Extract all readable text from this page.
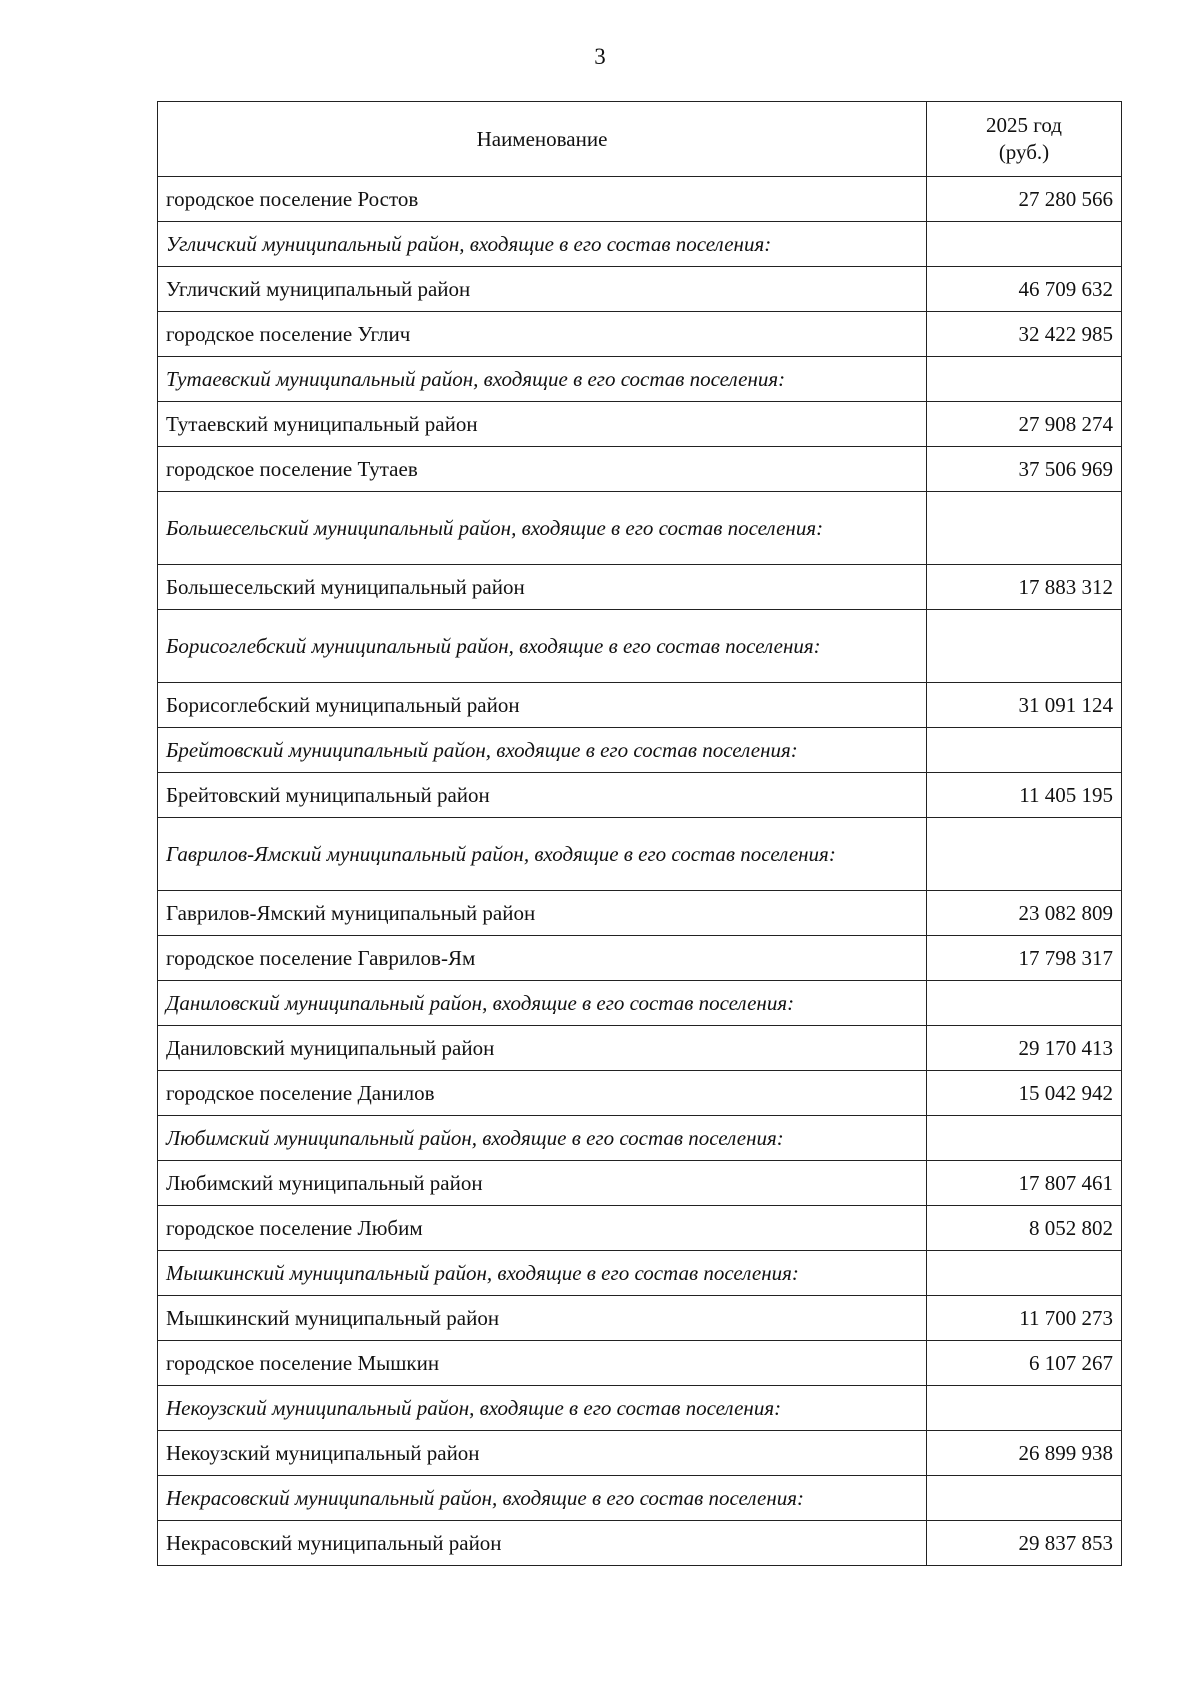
3
Наименование	2025 год
(руб.)
городское поселение Ростов	27 280 566
Угличский муниципальный район, входящие в его состав поселения:	
Угличский муниципальный район	46 709 632
городское поселение Углич	32 422 985
Тутаевский муниципальный район, входящие в его состав поселения:	
Тутаевский муниципальный район	27 908 274
городское поселение Тутаев	37 506 969
Большесельский муниципальный район, входящие в его состав поселения:	
Большесельский муниципальный район	17 883 312
Борисоглебский муниципальный район, входящие в его состав поселения:	
Борисоглебский муниципальный район	31 091 124
Брейтовский муниципальный район, входящие в его состав поселения:	
Брейтовский муниципальный район	11 405 195
Гаврилов-Ямский муниципальный район, входящие в его состав поселения:	
Гаврилов-Ямский муниципальный район	23 082 809
городское поселение Гаврилов-Ям	17 798 317
Даниловский муниципальный район, входящие в его состав поселения:	
Даниловский муниципальный район	29 170 413
городское поселение Данилов	15 042 942
Любимский муниципальный район, входящие в его состав поселения:	
Любимский муниципальный район	17 807 461
городское поселение Любим	8 052 802
Мышкинский муниципальный район, входящие в его состав поселения:	
Мышкинский муниципальный район	11 700 273
городское поселение Мышкин	6 107 267
Некоузский муниципальный район, входящие в его состав поселения:	
Некоузский муниципальный район	26 899 938
Некрасовский муниципальный район, входящие в его состав поселения:	
Некрасовский муниципальный район	29 837 853
